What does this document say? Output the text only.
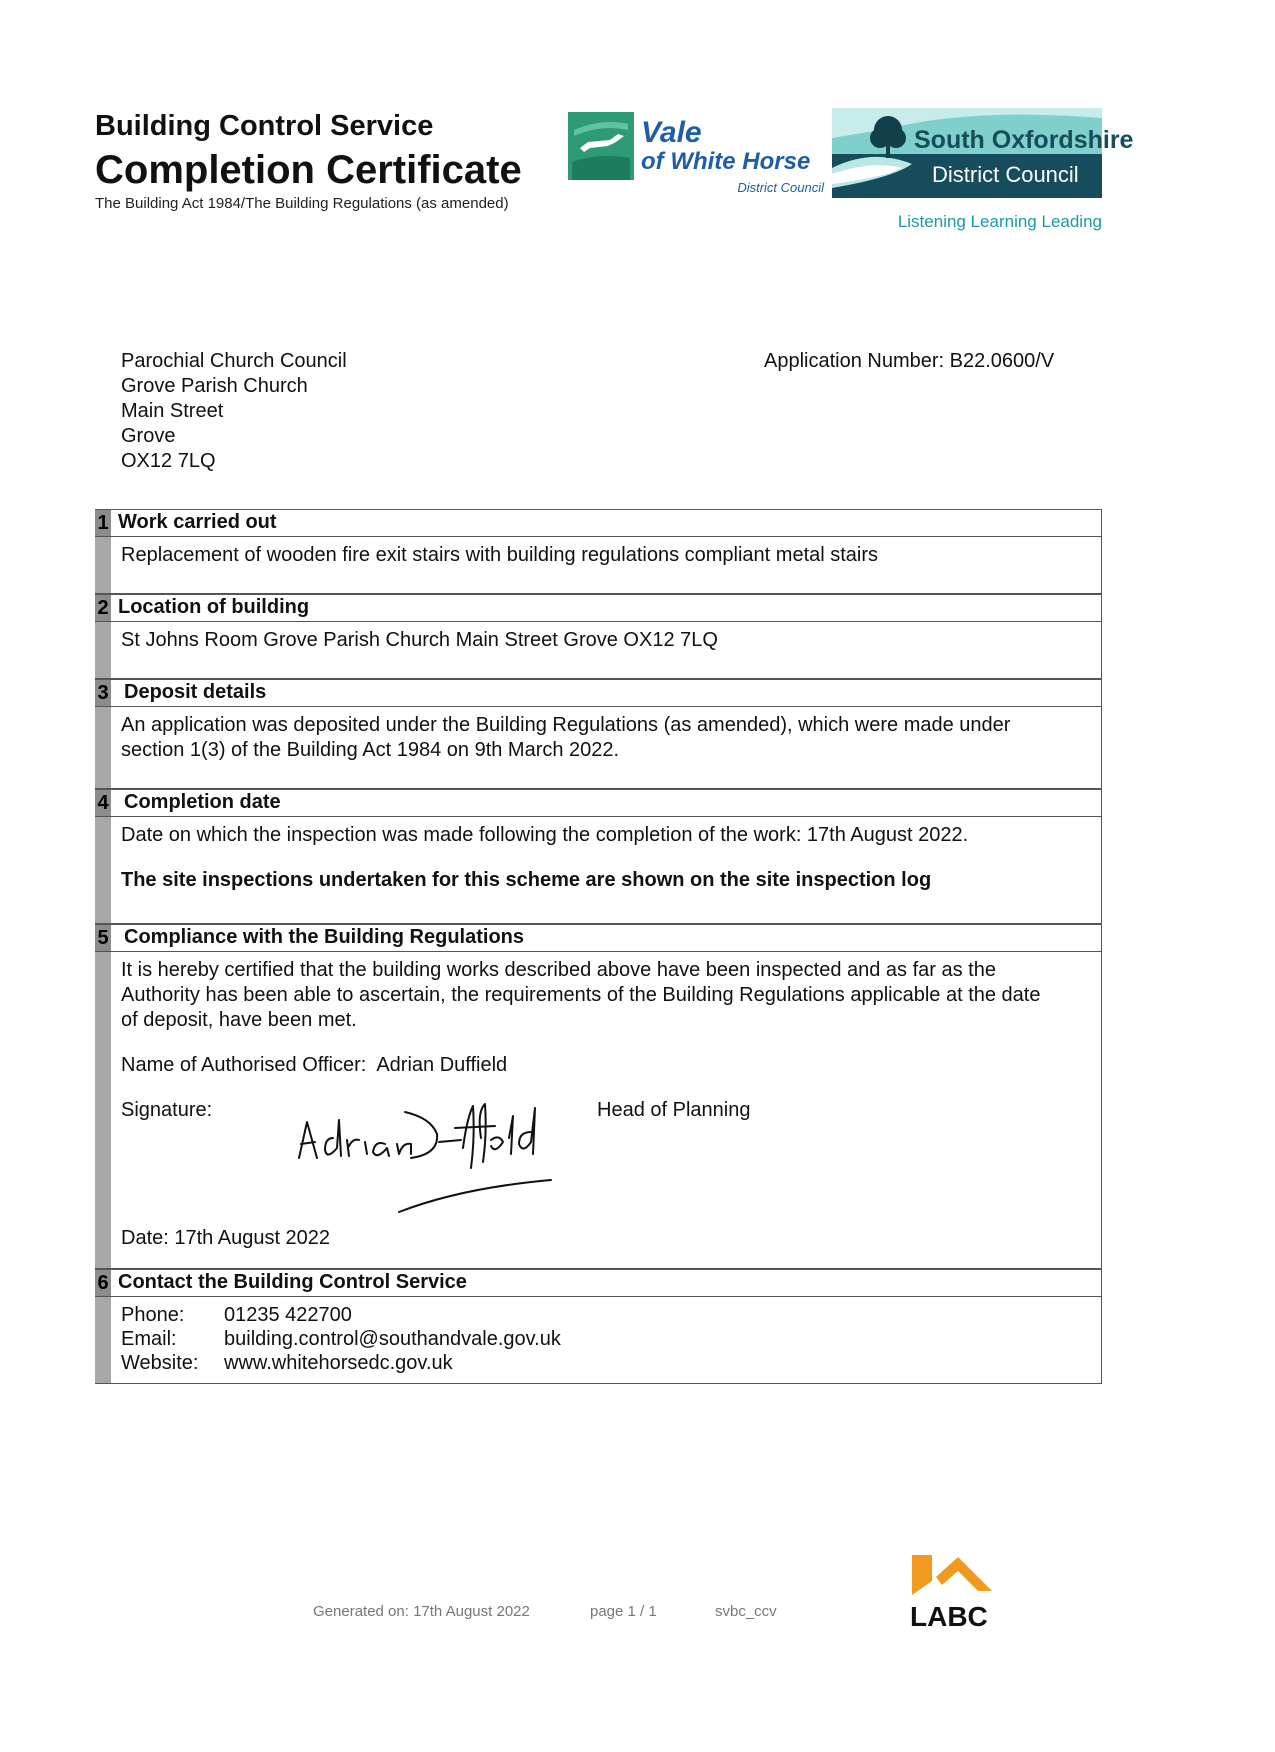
Building Control Service
Completion Certificate
The Building Act 1984/The Building Regulations (as amended)
Vale
of White Horse
District Council
South Oxfordshire
District Council
Listening Learning Leading
Parochial Church Council
Grove Parish Church
Main Street
Grove
OX12 7LQ
Application Number: B22.0600/V
1 Work carried out

Replacement of wooden fire exit stairs with building regulations compliant metal stairs

2 Location of building

St Johns Room Grove Parish Church Main Street Grove OX12 7LQ

3 Deposit details

An application was deposited under the Building Regulations (as amended), which were made under

section 1(3) of the Building Act 1984 on 9th March 2022.

4 Completion date

Date on which the inspection was made following the completion of the work: 17th August 2022.

The site inspections undertaken for this scheme are shown on the site inspection log

5 Compliance with the Building Regulations

It is hereby certified that the building works described above have been inspected and as far as the

Authority has been able to ascertain, the requirements of the Building Regulations applicable at the date

of deposit, have been met.

Name of Authorised Officer: Adrian Duffield

Signature:	Head of Planning

Date: 17th August 2022

6 Contact the Building Control Service
Phone:	01235 422700
Email:	building.control@southandvale.gov.uk
Website:	www.whitehorsedc.gov.uk
Generated on: 17th August 2022	page 1 / 1	svbc_ccv	LABC
